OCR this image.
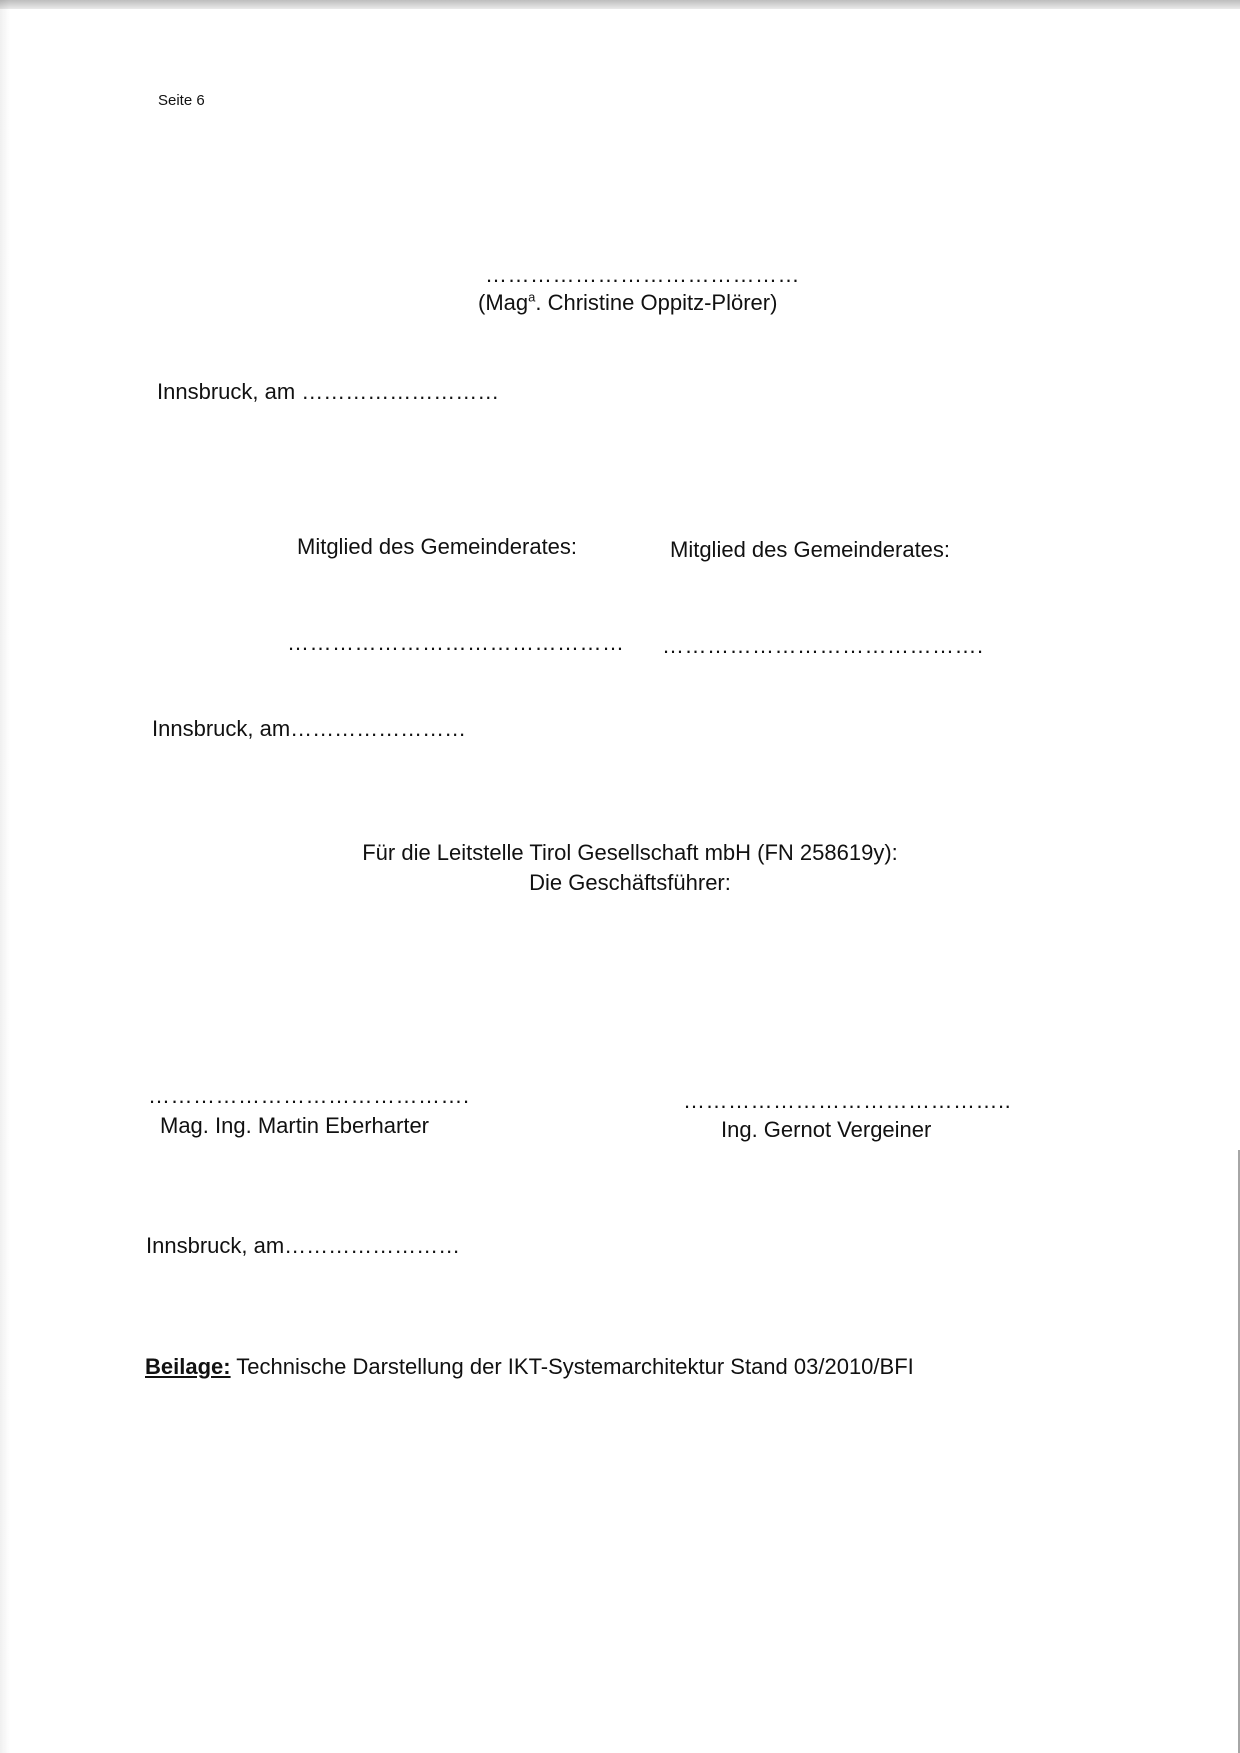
Seite 6
……………………………………
(Mag$^a$. Christine Oppitz-Plörer)
Innsbruck, am ………………………
Mitglied des Gemeinderates:	Mitglied des Gemeinderates:
……………………………………… …………………………………….
Innsbruck, am……………………
Für die Leitstelle Tirol Gesellschaft mbH (FN 258619y):
Die Geschäftsführer:
…………………………………….
Mag. Ing. Martin Eberharter
……………………………………..
Ing. Gernot Vergeiner
Innsbruck, am……………………
Beilage: Technische Darstellung der IKT-Systemarchitektur Stand 03/2010/BFI
